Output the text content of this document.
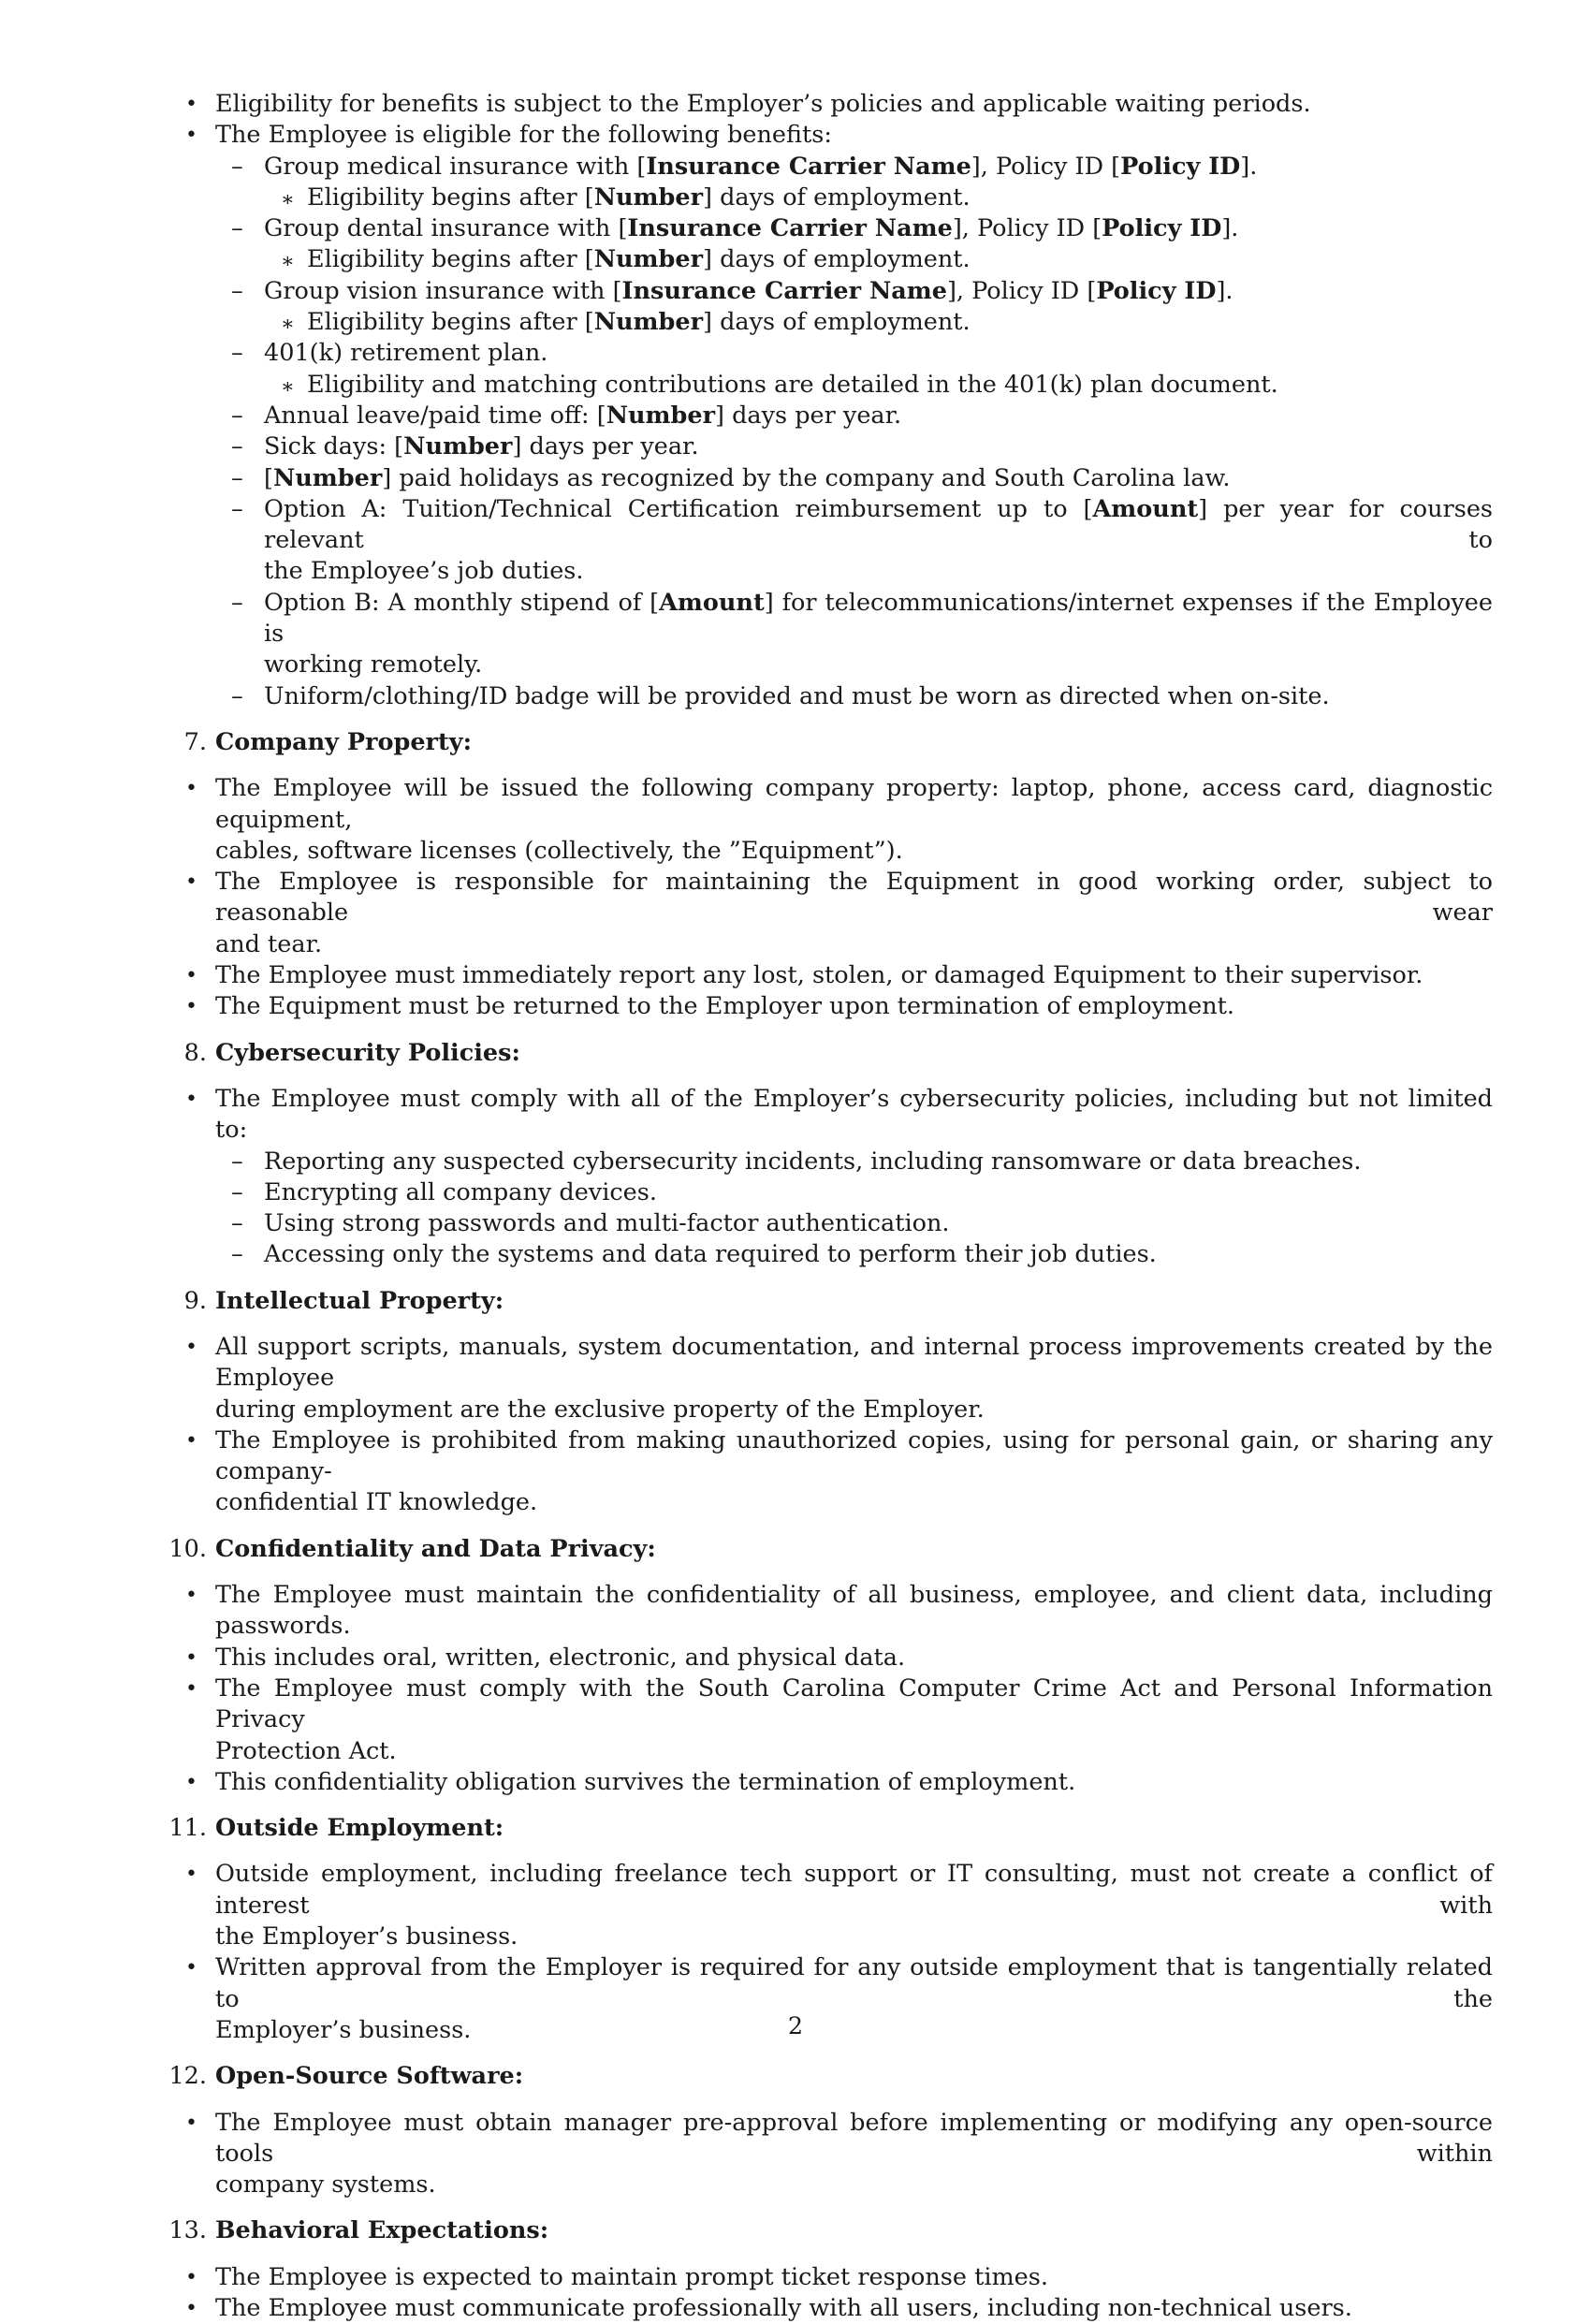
• Eligibility for benefits is subject to the Employer’s policies and applicable waiting periods.
• The Employee is eligible for the following benefits:
– Group medical insurance with [Insurance Carrier Name], Policy ID [Policy ID].
∗ Eligibility begins after [Number] days of employment.
– Group dental insurance with [Insurance Carrier Name], Policy ID [Policy ID].
∗ Eligibility begins after [Number] days of employment.
– Group vision insurance with [Insurance Carrier Name], Policy ID [Policy ID].
∗ Eligibility begins after [Number] days of employment.
– 401(k) retirement plan.
∗ Eligibility and matching contributions are detailed in the 401(k) plan document.
– Annual leave/paid time off: [Number] days per year.
– Sick days: [Number] days per year.
– [Number] paid holidays as recognized by the company and South Carolina law.
– Option A: Tuition/Technical Certification reimbursement up to [Amount] per year for courses relevant to
the Employee’s job duties.
– Option B: A monthly stipend of [Amount] for telecommunications/internet expenses if the Employee is
working remotely.
– Uniform/clothing/ID badge will be provided and must be worn as directed when on-site.
7. Company Property:
• The Employee will be issued the following company property: laptop, phone, access card, diagnostic equipment,
cables, software licenses (collectively, the ”Equipment”).
• The Employee is responsible for maintaining the Equipment in good working order, subject to reasonable wear
and tear.
• The Employee must immediately report any lost, stolen, or damaged Equipment to their supervisor.
• The Equipment must be returned to the Employer upon termination of employment.
8. Cybersecurity Policies:
• The Employee must comply with all of the Employer’s cybersecurity policies, including but not limited to:
– Reporting any suspected cybersecurity incidents, including ransomware or data breaches.
– Encrypting all company devices.
– Using strong passwords and multi-factor authentication.
– Accessing only the systems and data required to perform their job duties.
9. Intellectual Property:
• All support scripts, manuals, system documentation, and internal process improvements created by the Employee
during employment are the exclusive property of the Employer.
• The Employee is prohibited from making unauthorized copies, using for personal gain, or sharing any company-
confidential IT knowledge.
10. Confidentiality and Data Privacy:
• The Employee must maintain the confidentiality of all business, employee, and client data, including passwords.
• This includes oral, written, electronic, and physical data.
• The Employee must comply with the South Carolina Computer Crime Act and Personal Information Privacy
Protection Act.
• This confidentiality obligation survives the termination of employment.
11. Outside Employment:
• Outside employment, including freelance tech support or IT consulting, must not create a conflict of interest with
the Employer’s business.
• Written approval from the Employer is required for any outside employment that is tangentially related to the
Employer’s business.
12. Open-Source Software:
• The Employee must obtain manager pre-approval before implementing or modifying any open-source tools within
company systems.
13. Behavioral Expectations:
• The Employee is expected to maintain prompt ticket response times.
• The Employee must communicate professionally with all users, including non-technical users.
2
